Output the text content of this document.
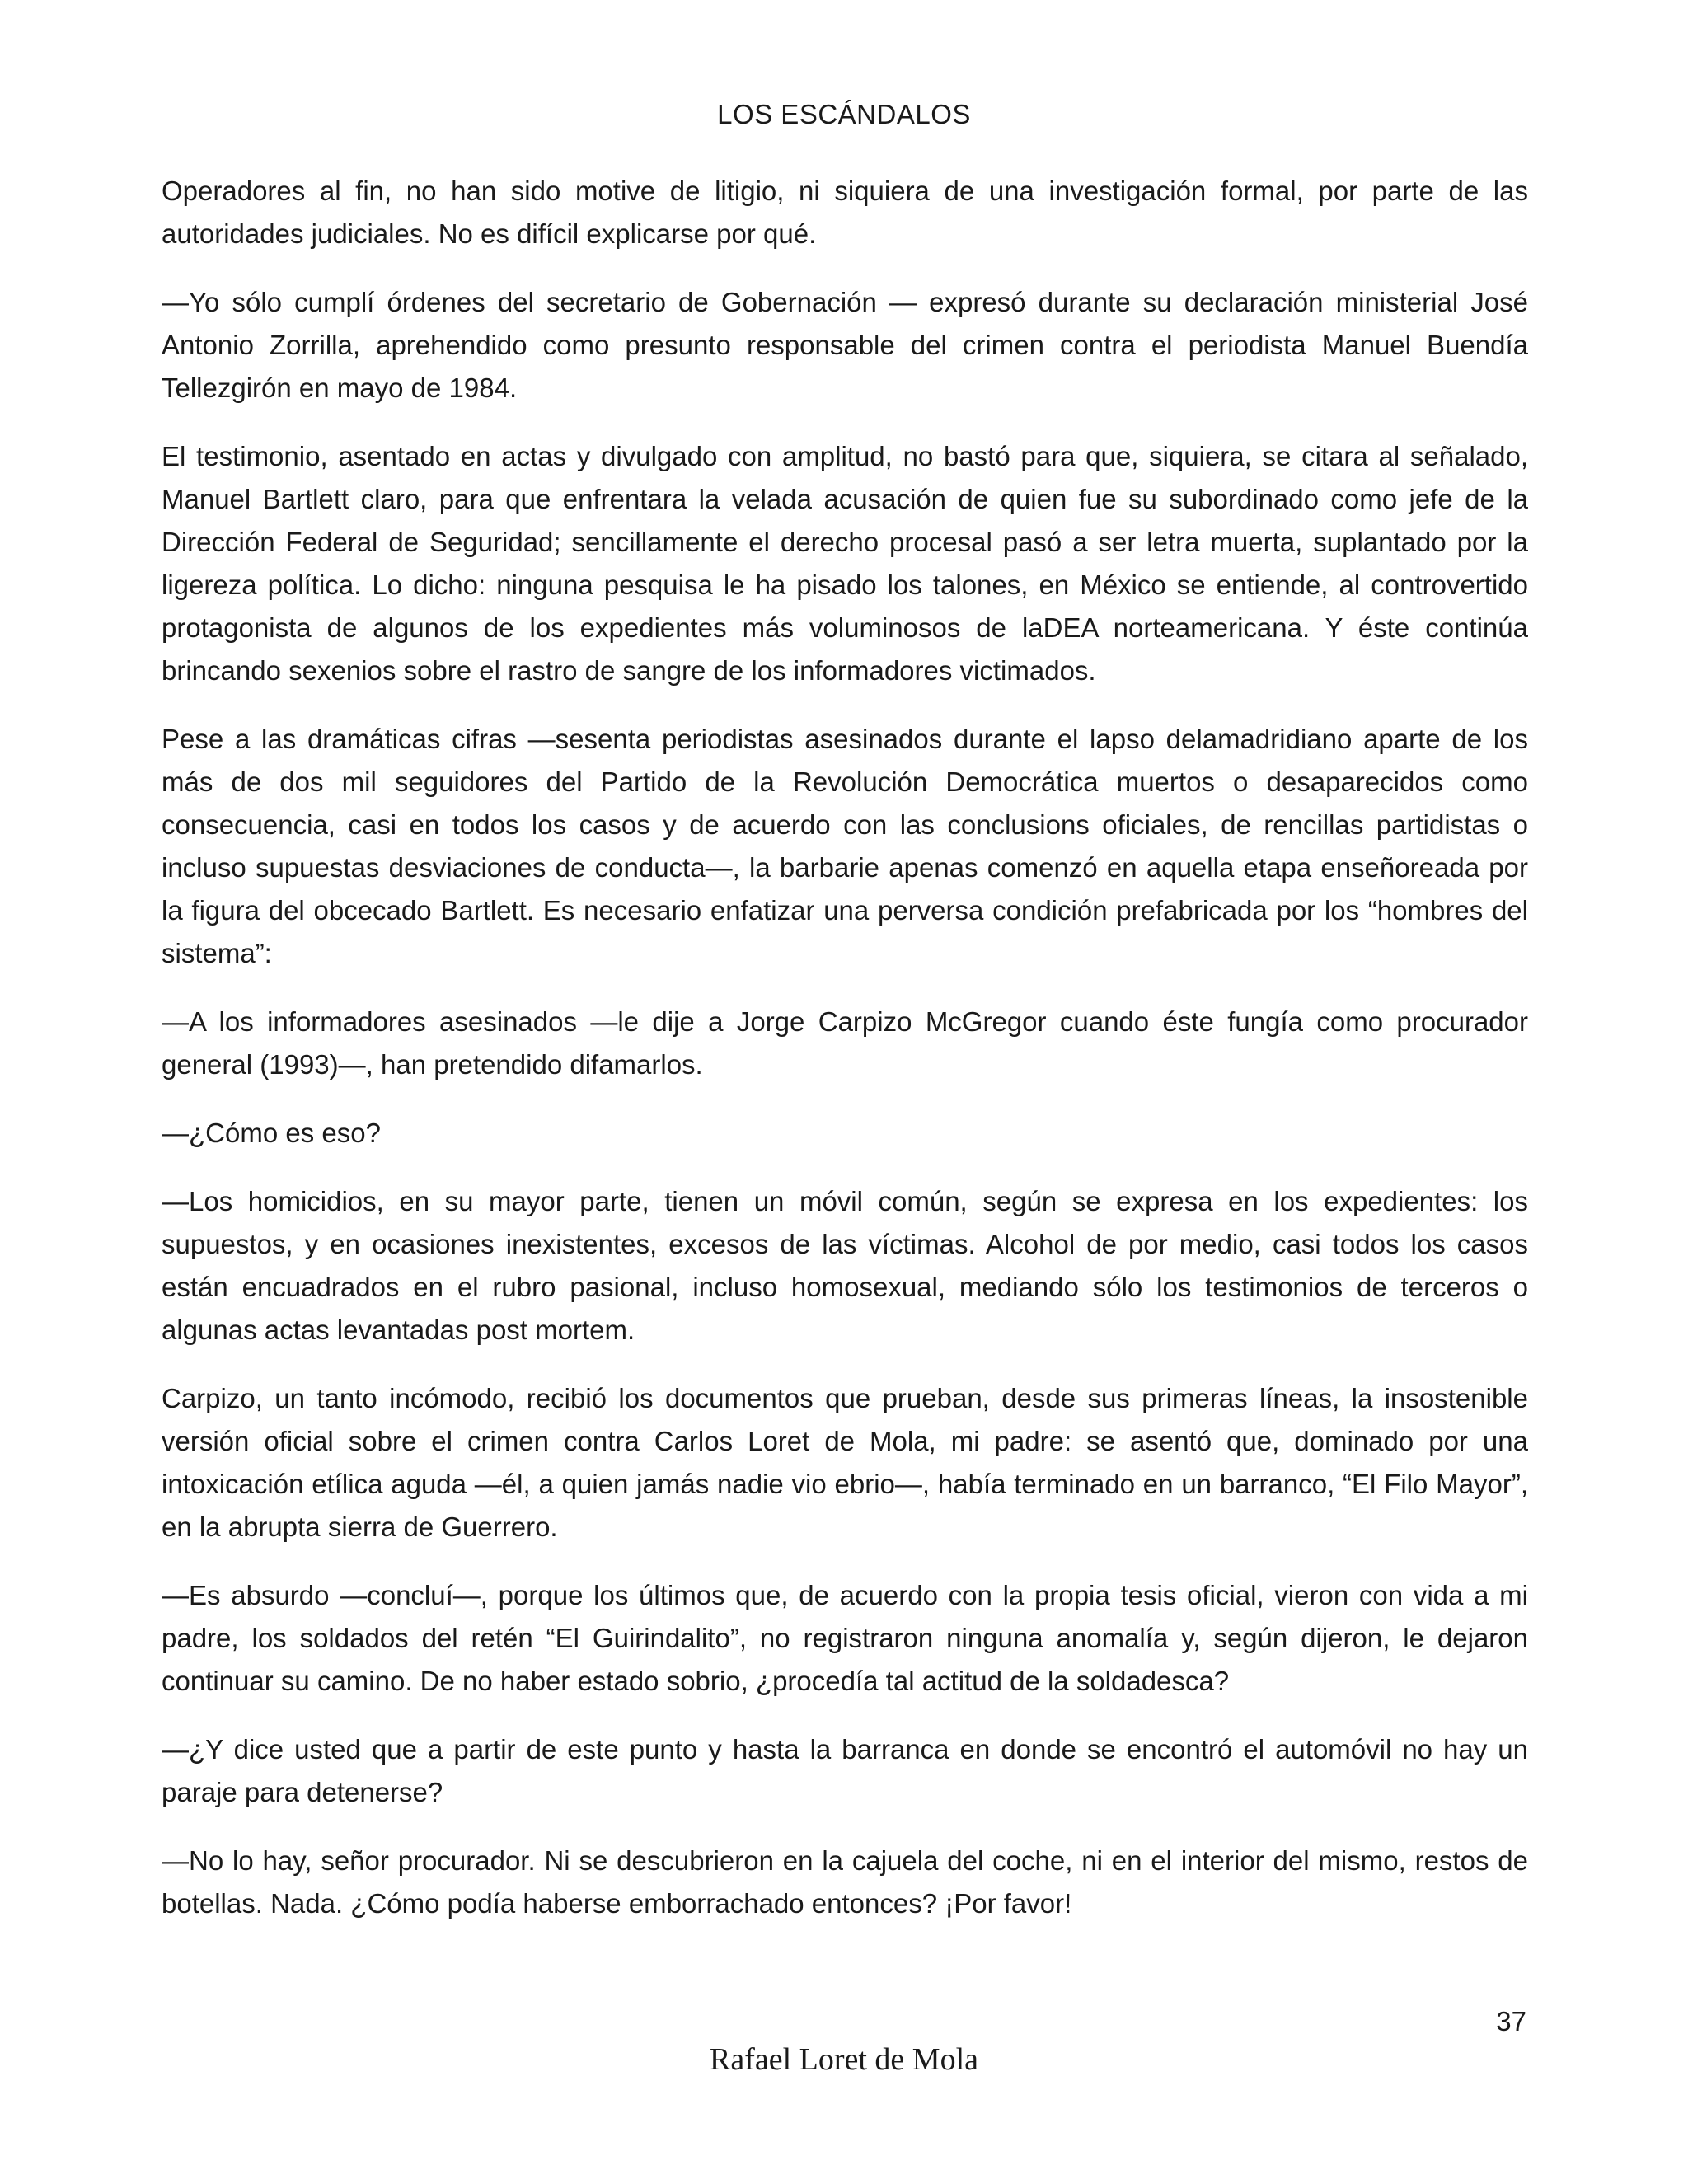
LOS ESCÁNDALOS

Operadores al fin, no han sido motive de litigio, ni siquiera de una investigación formal, por parte de las autoridades judiciales. No es difícil explicarse por qué.

—Yo sólo cumplí órdenes del secretario de Gobernación — expresó durante su declaración ministerial José Antonio Zorrilla, aprehendido como presunto responsable del crimen contra el periodista Manuel Buendía Tellezgirón en mayo de 1984.

El testimonio, asentado en actas y divulgado con amplitud, no bastó para que, siquiera, se citara al señalado, Manuel Bartlett claro, para que enfrentara la velada acusación de quien fue su subordinado como jefe de la Dirección Federal de Seguridad; sencillamente el derecho procesal pasó a ser letra muerta, suplantado por la ligereza política. Lo dicho: ninguna pesquisa le ha pisado los talones, en México se entiende, al controvertido protagonista de algunos de los expedientes más voluminosos de laDEA norteamericana. Y éste continúa brincando sexenios sobre el rastro de sangre de los informadores victimados.

Pese a las dramáticas cifras —sesenta periodistas asesinados durante el lapso delamadridiano aparte de los más de dos mil seguidores del Partido de la Revolución Democrática muertos o desaparecidos como consecuencia, casi en todos los casos y de acuerdo con las conclusions oficiales, de rencillas partidistas o incluso supuestas desviaciones de conducta—, la barbarie apenas comenzó en aquella etapa enseñoreada por la figura del obcecado Bartlett. Es necesario enfatizar una perversa condición prefabricada por los “hombres del sistema”:

—A los informadores asesinados —le dije a Jorge Carpizo McGregor cuando éste fungía como procurador general (1993)—, han pretendido difamarlos.

—¿Cómo es eso?

—Los homicidios, en su mayor parte, tienen un móvil común, según se expresa en los expedientes: los supuestos, y en ocasiones inexistentes, excesos de las víctimas. Alcohol de por medio, casi todos los casos están encuadrados en el rubro pasional, incluso homosexual, mediando sólo los testimonios de terceros o algunas actas levantadas post mortem.

Carpizo, un tanto incómodo, recibió los documentos que prueban, desde sus primeras líneas, la insostenible versión oficial sobre el crimen contra Carlos Loret de Mola, mi padre: se asentó que, dominado por una intoxicación etílica aguda —él, a quien jamás nadie vio ebrio—, había terminado en un barranco, “El Filo Mayor”, en la abrupta sierra de Guerrero.

—Es absurdo —concluí—, porque los últimos que, de acuerdo con la propia tesis oficial, vieron con vida a mi padre, los soldados del retén “El Guirindalito”, no registraron ninguna anomalía y, según dijeron, le dejaron continuar su camino. De no haber estado sobrio, ¿procedía tal actitud de la soldadesca?

—¿Y dice usted que a partir de este punto y hasta la barranca en donde se encontró el automóvil no hay un paraje para detenerse?

—No lo hay, señor procurador. Ni se descubrieron en la cajuela del coche, ni en el interior del mismo, restos de botellas. Nada. ¿Cómo podía haberse emborrachado entonces? ¡Por favor!

37
Rafael Loret de Mola
